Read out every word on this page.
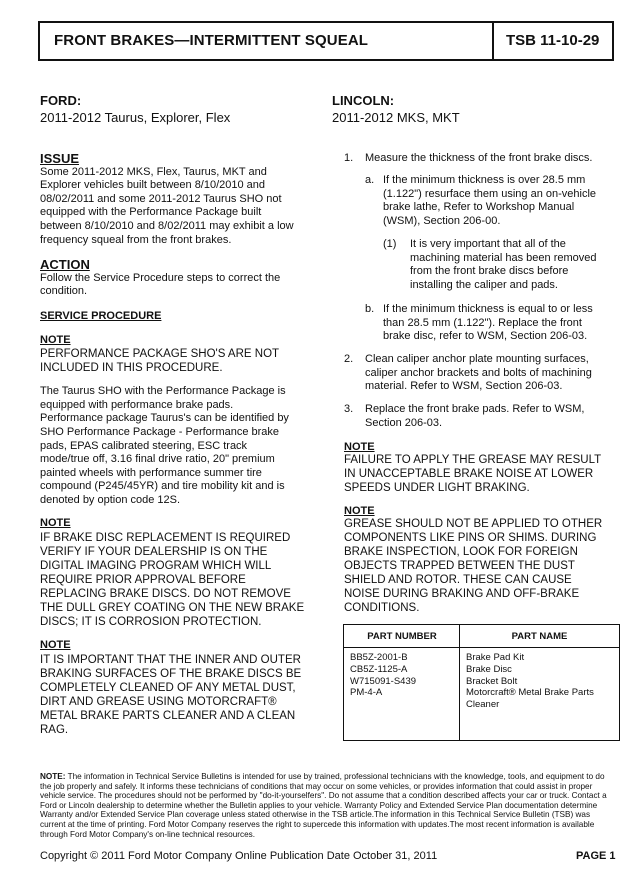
FRONT BRAKES—INTERMITTENT SQUEAL	TSB 11-10-29
FORD:
2011-2012 Taurus, Explorer, Flex
LINCOLN:
2011-2012 MKS, MKT
ISSUE
Some 2011-2012 MKS, Flex, Taurus, MKT and
Explorer vehicles built between 8/10/2010 and
08/02/2011 and some 2011-2012 Taurus SHO not
equipped with the Performance Package built
between 8/10/2010 and 8/02/2011 may exhibit a low
frequency squeal from the front brakes.
ACTION
Follow the Service Procedure steps to correct the
condition.
SERVICE PROCEDURE
NOTE
PERFORMANCE PACKAGE SHO'S ARE NOT
INCLUDED IN THIS PROCEDURE.
The Taurus SHO with the Performance Package is
equipped with performance brake pads.
Performance package Taurus's can be identified by
SHO Performance Package - Performance brake
pads, EPAS calibrated steering, ESC track
mode/true off, 3.16 final drive ratio, 20" premium
painted wheels with performance summer tire
compound (P245/45YR) and tire mobility kit and is
denoted by option code 12S.
NOTE
IF BRAKE DISC REPLACEMENT IS REQUIRED
VERIFY IF YOUR DEALERSHIP IS ON THE
DIGITAL IMAGING PROGRAM WHICH WILL
REQUIRE PRIOR APPROVAL BEFORE
REPLACING BRAKE DISCS. DO NOT REMOVE
THE DULL GREY COATING ON THE NEW BRAKE
DISCS; IT IS CORROSION PROTECTION.
NOTE
IT IS IMPORTANT THAT THE INNER AND OUTER
BRAKING SURFACES OF THE BRAKE DISCS BE
COMPLETELY CLEANED OF ANY METAL DUST,
DIRT AND GREASE USING MOTORCRAFT®
METAL BRAKE PARTS CLEANER AND A CLEAN
RAG.
1. Measure the thickness of the front brake discs.
a. If the minimum thickness is over 28.5 mm
(1.122") resurface them using an on-vehicle
brake lathe, Refer to Workshop Manual
(WSM), Section 206-00.
(1) It is very important that all of the
machining material has been removed
from the front brake discs before
installing the caliper and pads.
b. If the minimum thickness is equal to or less
than 28.5 mm (1.122"). Replace the front
brake disc, refer to WSM, Section 206-03.
2. Clean caliper anchor plate mounting surfaces,
caliper anchor brackets and bolts of machining
material. Refer to WSM, Section 206-03.
3. Replace the front brake pads. Refer to WSM,
Section 206-03.
NOTE
FAILURE TO APPLY THE GREASE MAY RESULT
IN UNACCEPTABLE BRAKE NOISE AT LOWER
SPEEDS UNDER LIGHT BRAKING.
NOTE
GREASE SHOULD NOT BE APPLIED TO OTHER
COMPONENTS LIKE PINS OR SHIMS. DURING
BRAKE INSPECTION, LOOK FOR FOREIGN
OBJECTS TRAPPED BETWEEN THE DUST
SHIELD AND ROTOR. THESE CAN CAUSE
NOISE DURING BRAKING AND OFF-BRAKE
CONDITIONS.
PART NUMBER	PART NAME
BB5Z-2001-B	Brake Pad Kit
CB5Z-1125-A	Brake Disc
W715091-S439	Bracket Bolt
PM-4-A	Motorcraft® Metal Brake Parts Cleaner
NOTE: The information in Technical Service Bulletins is intended for use by trained, professional technicians with the knowledge, tools, and equipment to do
the job properly and safely. It informs these technicians of conditions that may occur on some vehicles, or provides information that could assist in proper
vehicle service. The procedures should not be performed by "do-it-yourselfers". Do not assume that a condition described affects your car or truck. Contact a
Ford or Lincoln dealership to determine whether the Bulletin applies to your vehicle. Warranty Policy and Extended Service Plan documentation determine
Warranty and/or Extended Service Plan coverage unless stated otherwise in the TSB article.The information in this Technical Service Bulletin (TSB) was
current at the time of printing. Ford Motor Company reserves the right to supercede this information with updates.The most recent information is available
through Ford Motor Company's on-line technical resources.
Copyright © 2011 Ford Motor Company Online Publication Date October 31, 2011	PAGE 1
